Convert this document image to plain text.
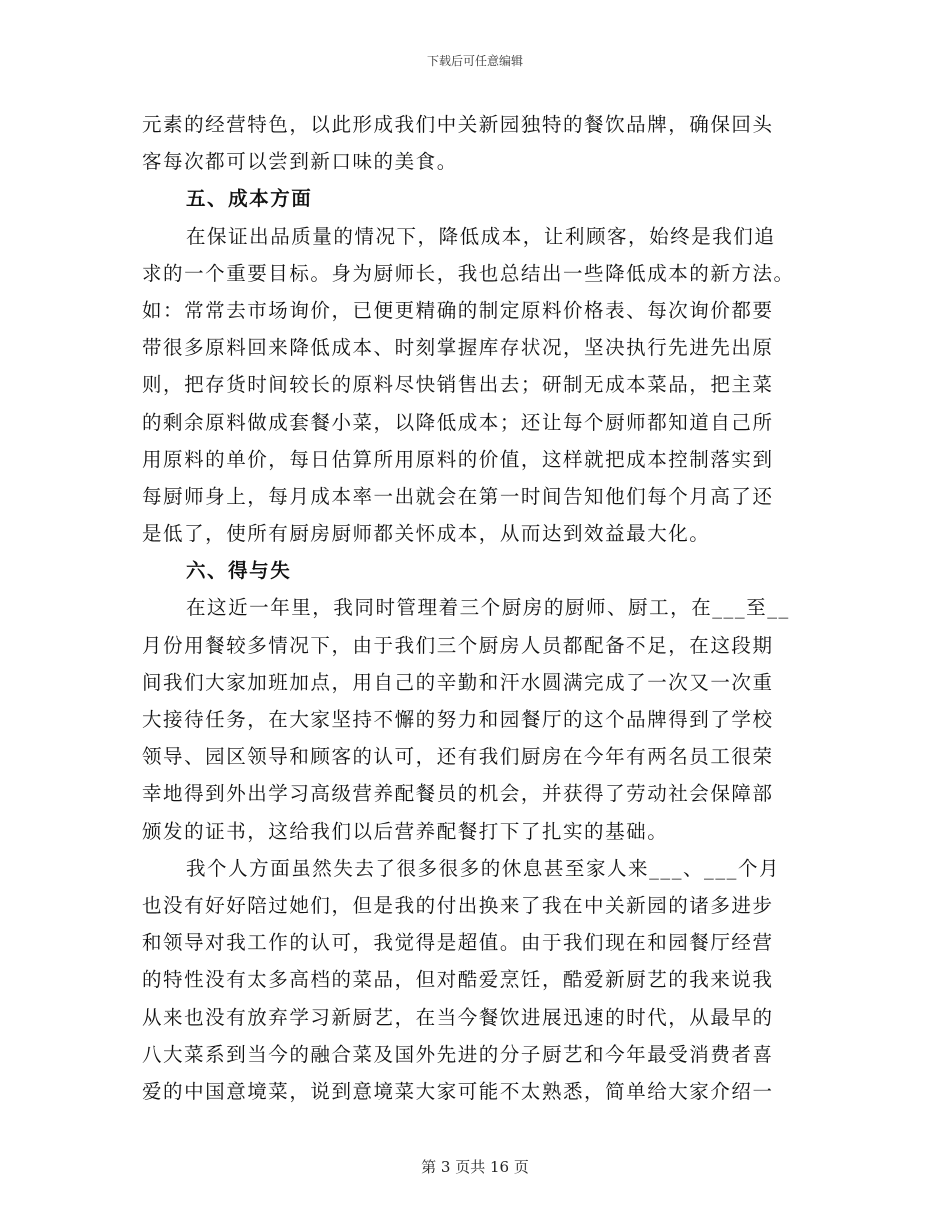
下载后可任意编辑
元素的经营特色，以此形成我们中关新园独特的餐饮品牌，确保回头
客每次都可以尝到新口味的美食。
五、成本方面
在保证出品质量的情况下，降低成本，让利顾客，始终是我们追
求的一个重要目标。身为厨师长，我也总结出一些降低成本的新方法。
如：常常去市场询价，已便更精确的制定原料价格表、每次询价都要
带很多原料回来降低成本、时刻掌握库存状况，坚决执行先进先出原
则，把存货时间较长的原料尽快销售出去；研制无成本菜品，把主菜
的剩余原料做成套餐小菜，以降低成本；还让每个厨师都知道自己所
用原料的单价，每日估算所用原料的价值，这样就把成本控制落实到
每厨师身上，每月成本率一出就会在第一时间告知他们每个月高了还
是低了，使所有厨房厨师都关怀成本，从而达到效益最大化。
六、得与失
在这近一年里，我同时管理着三个厨房的厨师、厨工，在___至__
月份用餐较多情况下，由于我们三个厨房人员都配备不足，在这段期
间我们大家加班加点，用自己的辛勤和汗水圆满完成了一次又一次重
大接待任务，在大家坚持不懈的努力和园餐厅的这个品牌得到了学校
领导、园区领导和顾客的认可，还有我们厨房在今年有两名员工很荣
幸地得到外出学习高级营养配餐员的机会，并获得了劳动社会保障部
颁发的证书，这给我们以后营养配餐打下了扎实的基础。
我个人方面虽然失去了很多很多的休息甚至家人来___、___个月
也没有好好陪过她们，但是我的付出换来了我在中关新园的诸多进步
和领导对我工作的认可，我觉得是超值。由于我们现在和园餐厅经营
的特性没有太多高档的菜品，但对酷爱烹饪，酷爱新厨艺的我来说我
从来也没有放弃学习新厨艺，在当今餐饮进展迅速的时代，从最早的
八大菜系到当今的融合菜及国外先进的分子厨艺和今年最受消费者喜
爱的中国意境菜，说到意境菜大家可能不太熟悉，简单给大家介绍一
第 3 页共 16 页
